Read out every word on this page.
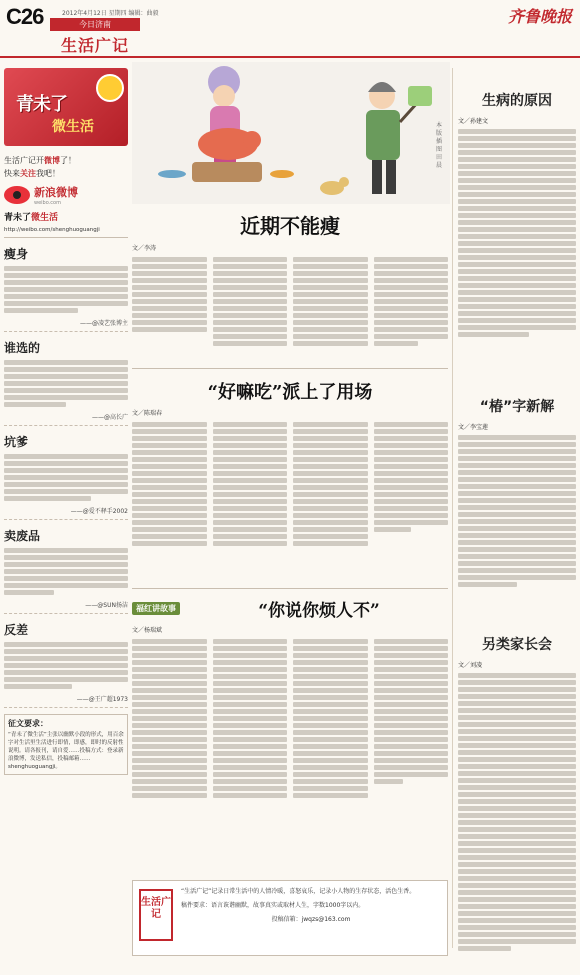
C26	2012年4月12日 星期四 编辑：曲毅
今日济南
生活广记
齐鲁晚报
青未了
微生活
生活广记开微博了！
快来关注我吧！
新浪微博
weibo.com
青未了微生活
http://weibo.com/shenghuoguangji
瘦身
——@凌艺张博主
谁选的
——@高长广
坑爹
——@爱不释手2002
卖废品
——@SUN扬洁
反差
——@王广超1973
征文要求：
“青未了微生活”主张以幽默小段的形式，用百余字对生活里生活进行即情，即感，即时的反射性说明。请各报刊，请自爱……投稿方式：登录新浪微博，发送私信，投稿邮箱……shenghuoguangji。
本版插图 田晨
近期不能瘦
文／李涛
“好嘛吃”派上了用场
文／陈瑞春
福红讲故事	“你说你烦人不”
文／杨瑞斌
生活广记
“生活广记”记录日常生活中的人情冷暖，喜怒哀乐，记录小人物的生存状态，活色生香。
稿件要求：语言诙谐幽默，故事真实或取材人生，字数1000字以内。
投稿信箱：jwqzs@163.com
生病的原因
文／孙建文
“椿”字新解
文／李宝莲
另类家长会
文／刘凌
